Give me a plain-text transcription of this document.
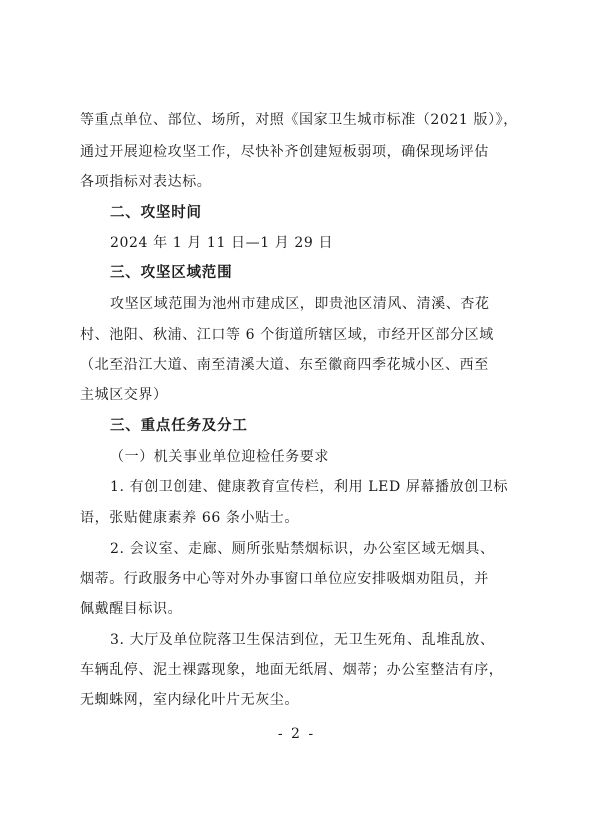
等重点单位、部位、场所，对照《国家卫生城市标准（2021 版）》，
通过开展迎检攻坚工作，尽快补齐创建短板弱项，确保现场评估
各项指标对表达标。
二、攻坚时间
2024 年 1 月 11 日—1 月 29 日
三、攻坚区域范围
攻坚区域范围为池州市建成区，即贵池区清风、清溪、杏花
村、池阳、秋浦、江口等 6 个街道所辖区域，市经开区部分区域
（北至沿江大道、南至清溪大道、东至徽商四季花城小区、西至
主城区交界）
三、重点任务及分工
（一）机关事业单位迎检任务要求
1. 有创卫创建、健康教育宣传栏，利用 LED 屏幕播放创卫标
语，张贴健康素养 66 条小贴士。
2. 会议室、走廊、厕所张贴禁烟标识，办公室区域无烟具、
烟蒂。行政服务中心等对外办事窗口单位应安排吸烟劝阻员，并
佩戴醒目标识。
3. 大厅及单位院落卫生保洁到位，无卫生死角、乱堆乱放、
车辆乱停、泥土裸露现象，地面无纸屑、烟蒂；办公室整洁有序，
无蜘蛛网，室内绿化叶片无灰尘。
- 2 -
